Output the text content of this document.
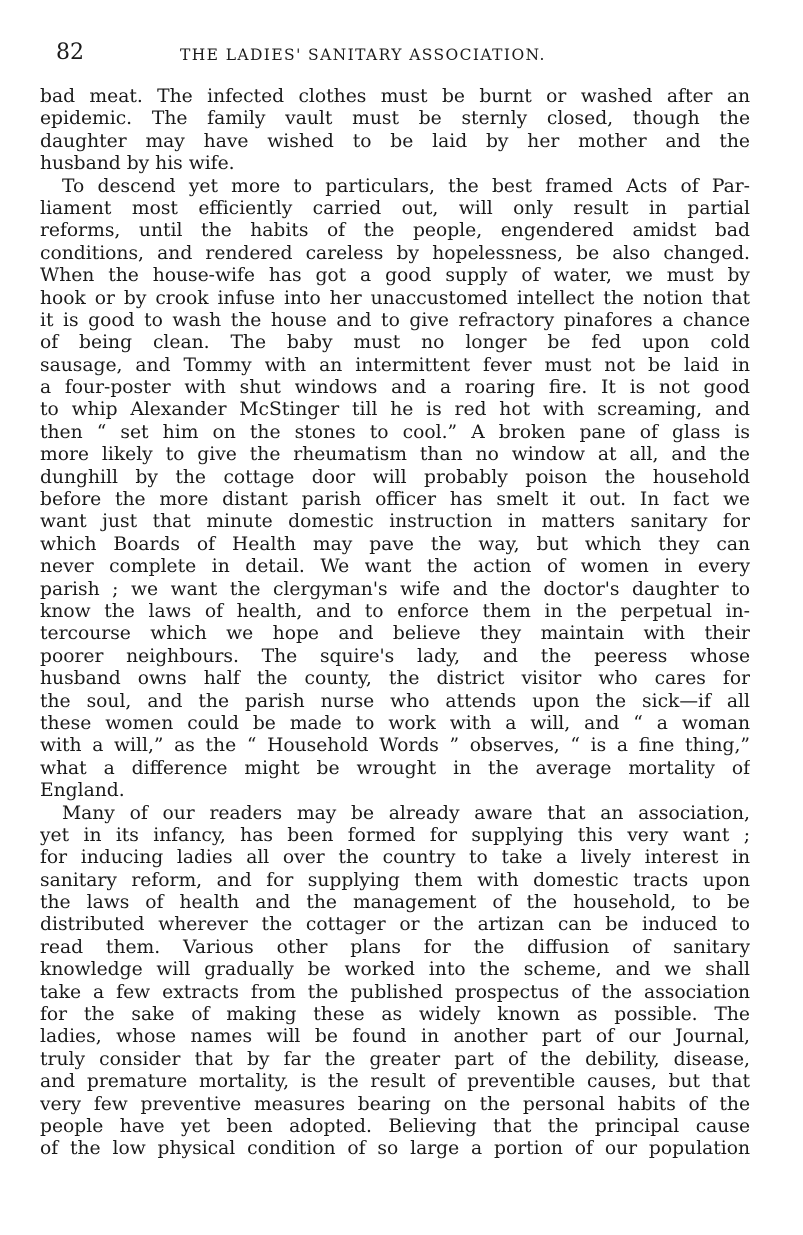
82	THE LADIES' SANITARY ASSOCIATION.
bad meat. The infected clothes must be burnt or washed after an
epidemic. The family vault must be sternly closed, though the
daughter may have wished to be laid by her mother and the
husband by his wife.
To descend yet more to particulars, the best framed Acts of Par-
liament most efficiently carried out, will only result in partial
reforms, until the habits of the people, engendered amidst bad
conditions, and rendered careless by hopelessness, be also changed.
When the house-wife has got a good supply of water, we must by
hook or by crook infuse into her unaccustomed intellect the notion that
it is good to wash the house and to give refractory pinafores a chance
of being clean. The baby must no longer be fed upon cold
sausage, and Tommy with an intermittent fever must not be laid in
a four-poster with shut windows and a roaring fire. It is not good
to whip Alexander McStinger till he is red hot with screaming, and
then “ set him on the stones to cool.” A broken pane of glass is
more likely to give the rheumatism than no window at all, and the
dunghill by the cottage door will probably poison the household
before the more distant parish officer has smelt it out. In fact we
want just that minute domestic instruction in matters sanitary for
which Boards of Health may pave the way, but which they can
never complete in detail. We want the action of women in every
parish ; we want the clergyman's wife and the doctor's daughter to
know the laws of health, and to enforce them in the perpetual in-
tercourse which we hope and believe they maintain with their
poorer neighbours. The squire's lady, and the peeress whose
husband owns half the county, the district visitor who cares for
the soul, and the parish nurse who attends upon the sick—if all
these women could be made to work with a will, and “ a woman
with a will,” as the “ Household Words ” observes, “ is a fine thing,”
what a difference might be wrought in the average mortality of
England.
Many of our readers may be already aware that an association,
yet in its infancy, has been formed for supplying this very want ;
for inducing ladies all over the country to take a lively interest in
sanitary reform, and for supplying them with domestic tracts upon
the laws of health and the management of the household, to be
distributed wherever the cottager or the artizan can be induced to
read them. Various other plans for the diffusion of sanitary
knowledge will gradually be worked into the scheme, and we shall
take a few extracts from the published prospectus of the association
for the sake of making these as widely known as possible. The
ladies, whose names will be found in another part of our Journal,
truly consider that by far the greater part of the debility, disease,
and premature mortality, is the result of preventible causes, but that
very few preventive measures bearing on the personal habits of the
people have yet been adopted. Believing that the principal cause
of the low physical condition of so large a portion of our population
